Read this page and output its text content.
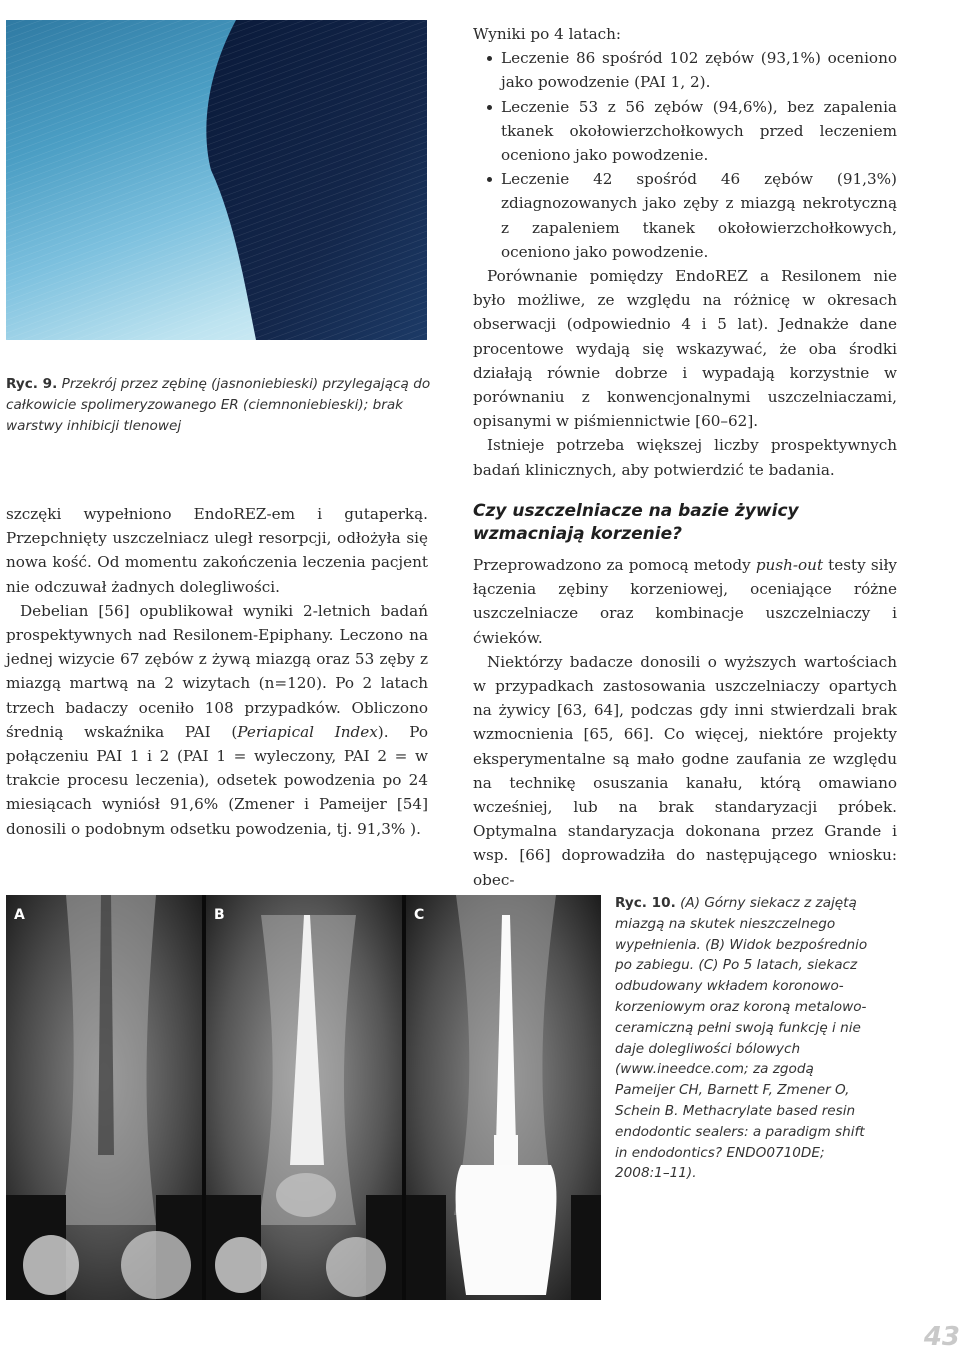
Ryc. 9. Przekrój przez zębinę (jasnoniebieski) przylegającą do całkowicie spolimeryzowanego ER (ciemnoniebieski); brak warstwy inhibicji tlenowej

szczęki wypełniono EndoREZ-em i gutaperką. Przepchnięty uszczelniacz uległ resorpcji, odłożyła się nowa kość. Od momentu zakończenia leczenia pacjent nie odczuwał żadnych dolegliwości.

Debelian [56] opublikował wyniki 2-letnich badań prospektywnych nad Resilonem-Epiphany. Leczono na jednej wizycie 67 zębów z żywą miazgą oraz 53 zęby z miazgą martwą na 2 wizytach (n=120). Po 2 latach trzech badaczy oceniło 108 przypadków. Obliczono średnią wskaźnika PAI (Periapical Index). Po połączeniu PAI 1 i 2 (PAI 1 = wyleczony, PAI 2 = w trakcie procesu leczenia), odsetek powodzenia po 24 miesiącach wyniósł 91,6% (Zmener i Pameijer [54] donosili o podobnym odsetku powodzenia, tj. 91,3% ).

Wyniki po 4 latach:

Leczenie 86 spośród 102 zębów (93,1%) oceniono jako powodzenie (PAI 1, 2).
Leczenie 53 z 56 zębów (94,6%), bez zapalenia tkanek okołowierzchołkowych przed leczeniem oceniono jako powodzenie.
Leczenie 42 spośród 46 zębów (91,3%) zdiagnozowanych jako zęby z miazgą nekrotyczną z zapaleniem tkanek okołowierzchołkowych, oceniono jako powodzenie.

Porównanie pomiędzy EndoREZ a Resilonem nie było możliwe, ze względu na różnicę w okresach obserwacji (odpowiednio 4 i 5 lat). Jednakże dane procentowe wydają się wskazywać, że oba środki działają równie dobrze i wypadają korzystnie w porównaniu z konwencjonalnymi uszczelniaczami, opisanymi w piśmiennictwie [60–62].

Istnieje potrzeba większej liczby prospektywnych badań klinicznych, aby potwierdzić te badania.

Czy uszczelniacze na bazie żywicy wzmacniają korzenie?

Przeprowadzono za pomocą metody push-out testy siły łączenia zębiny korzeniowej, oceniające różne uszczelniacze oraz kombinacje uszczelniaczy i ćwieków.

Niektórzy badacze donosili o wyższych wartościach w przypadkach zastosowania uszczelniaczy opartych na żywicy [63, 64], podczas gdy inni stwierdzali brak wzmocnienia [65, 66]. Co więcej, niektóre projekty eksperymentalne są mało godne zaufania ze względu na technikę osuszania kanału, którą omawiano wcześniej, lub na brak standaryzacji próbek. Optymalna standaryzacja dokonana przez Grande i wsp. [66] doprowadziła do następującego wniosku: obec-

A	B	C
Ryc. 10. (A) Górny siekacz z zajętą miazgą na skutek nieszczelnego wypełnienia. (B) Widok bezpośrednio po zabiegu. (C) Po 5 latach, siekacz odbudowany wkładem koronowo-korzeniowym oraz koroną metalowo-ceramiczną pełni swoją funkcję i nie daje dolegliwości bólowych (www.ineedce.com; za zgodą Pameijer CH, Barnett F, Zmener O, Schein B. Methacrylate based resin endodontic sealers: a paradigm shift in endodontics? ENDO0710DE; 2008:1–11).
43
